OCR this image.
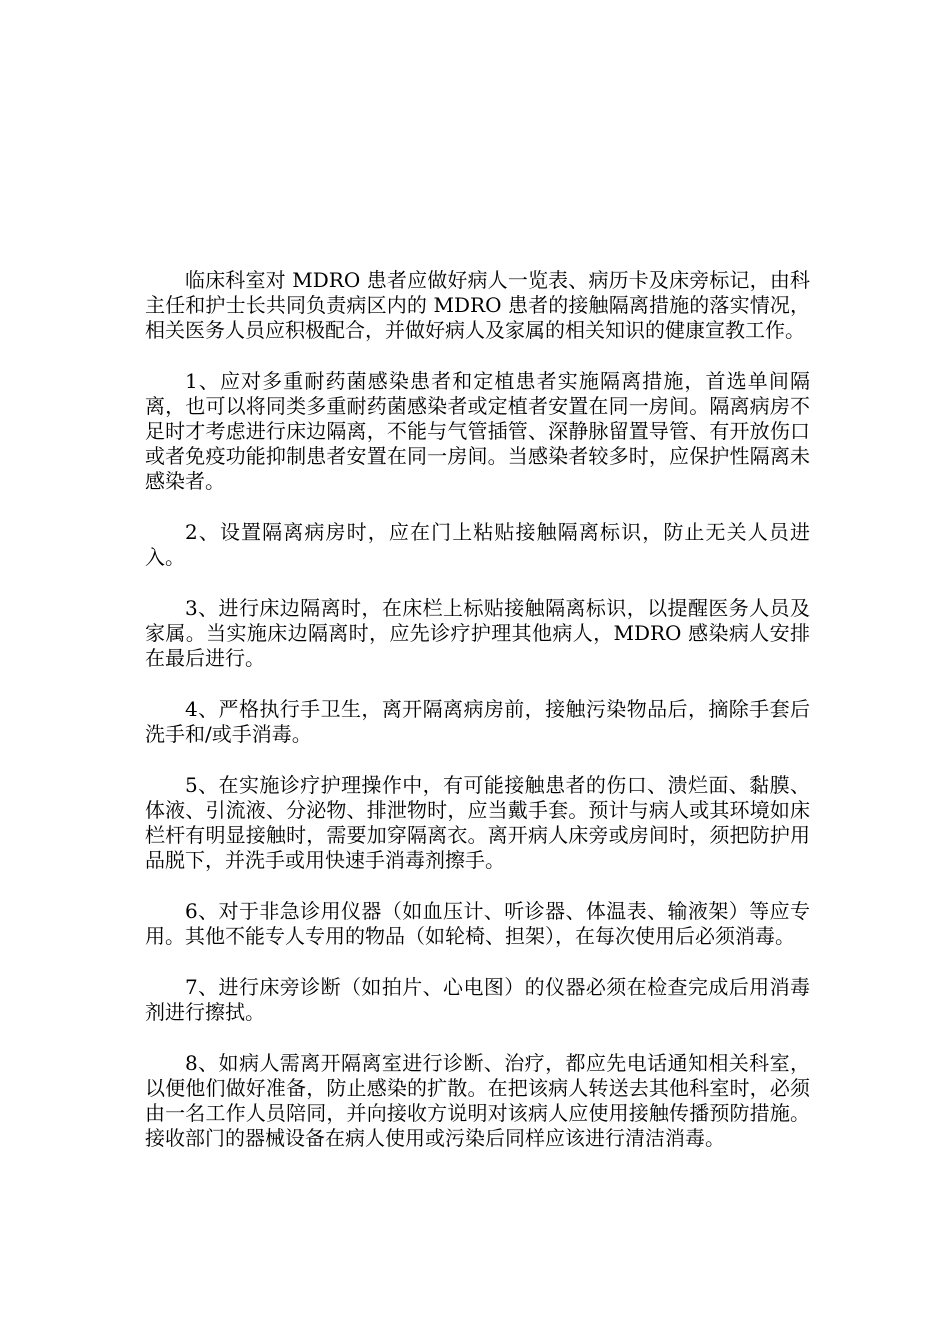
临床科室对 MDRO 患者应做好病人一览表、病历卡及床旁标记，由科主任和护士长共同负责病区内的 MDRO 患者的接触隔离措施的落实情况，相关医务人员应积极配合，并做好病人及家属的相关知识的健康宣教工作。

1、应对多重耐药菌感染患者和定植患者实施隔离措施，首选单间隔离，也可以将同类多重耐药菌感染者或定植者安置在同一房间。隔离病房不足时才考虑进行床边隔离，不能与气管插管、深静脉留置导管、有开放伤口或者免疫功能抑制患者安置在同一房间。当感染者较多时，应保护性隔离未感染者。

2、设置隔离病房时，应在门上粘贴接触隔离标识，防止无关人员进入。

3、进行床边隔离时，在床栏上标贴接触隔离标识，以提醒医务人员及家属。当实施床边隔离时，应先诊疗护理其他病人，MDRO 感染病人安排在最后进行。

4、严格执行手卫生，离开隔离病房前，接触污染物品后，摘除手套后洗手和/或手消毒。

5、在实施诊疗护理操作中，有可能接触患者的伤口、溃烂面、黏膜、体液、引流液、分泌物、排泄物时，应当戴手套。预计与病人或其环境如床栏杆有明显接触时，需要加穿隔离衣。离开病人床旁或房间时，须把防护用品脱下，并洗手或用快速手消毒剂擦手。

6、对于非急诊用仪器（如血压计、听诊器、体温表、输液架）等应专用。其他不能专人专用的物品（如轮椅、担架），在每次使用后必须消毒。

7、进行床旁诊断（如拍片、心电图）的仪器必须在检查完成后用消毒剂进行擦拭。

8、如病人需离开隔离室进行诊断、治疗，都应先电话通知相关科室，以便他们做好准备，防止感染的扩散。在把该病人转送去其他科室时，必须由一名工作人员陪同，并向接收方说明对该病人应使用接触传播预防措施。接收部门的器械设备在病人使用或污染后同样应该进行清洁消毒。
